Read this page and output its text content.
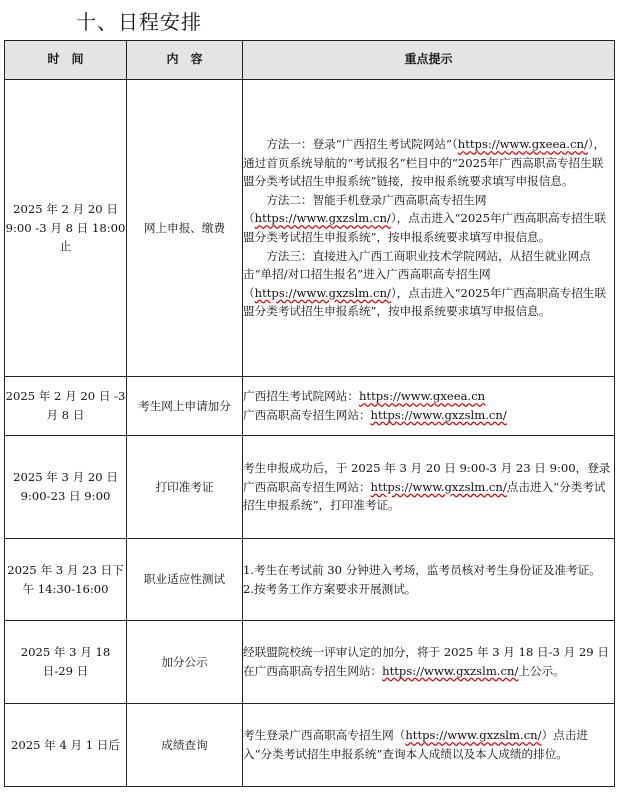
十、日程安排
时　间	内　容	重点提示
2025 年 2 月 20 日 9:00 -3 月 8 日 18:00 止	网上申报、缴费	方法一：登录“广西招生考试院网站”（https://www.gxeea.cn/），通过首页系统导航的“考试报名”栏目中的“2025年广西高职高专招生联盟分类考试招生申报系统”链接，按申报系统要求填写申报信息。

方法二：智能手机登录广西高职高专招生网（https://www.gxzslm.cn/），点击进入“2025年广西高职高专招生联盟分类考试招生申报系统”，按申报系统要求填写申报信息。

方法三：直接进入广西工商职业技术学院网站，从招生就业网点击“单招/对口招生报名”进入广西高职高专招生网（https://www.gxzslm.cn/），点击进入“2025年广西高职高专招生联盟分类考试招生申报系统”，按申报系统要求填写申报信息。

2025 年 2 月 20 日 -3 月 8 日	考生网上申请加分	广西招生考试院网站：https://www.gxeea.cn

广西高职高专招生网站：https://www.gxzslm.cn/

2025 年 3 月 20 日 9:00-23 日 9:00	打印准考证	考生申报成功后，于 2025 年 3 月 20 日 9:00-3 月 23 日 9:00，登录广西高职高专招生网站：https://www.gxzslm.cn/点击进入“分类考试招生申报系统”，打印准考证。

2025 年 3 月 23 日下午 14:30-16:00	职业适应性测试	1.考生在考试前 30 分钟进入考场，监考员核对考生身份证及准考证。

2.按考务工作方案要求开展测试。

2025 年 3 月 18 日-29 日	加分公示	经联盟院校统一评审认定的加分，将于 2025 年 3 月 18 日-3 月 29 日在广西高职高专招生网站：https://www.gxzslm.cn/上公示。

2025 年 4 月 1 日后	成绩查询	考生登录广西高职高专招生网（https://www.gxzslm.cn/）点击进入“分类考试招生申报系统”查询本人成绩以及本人成绩的排位。
